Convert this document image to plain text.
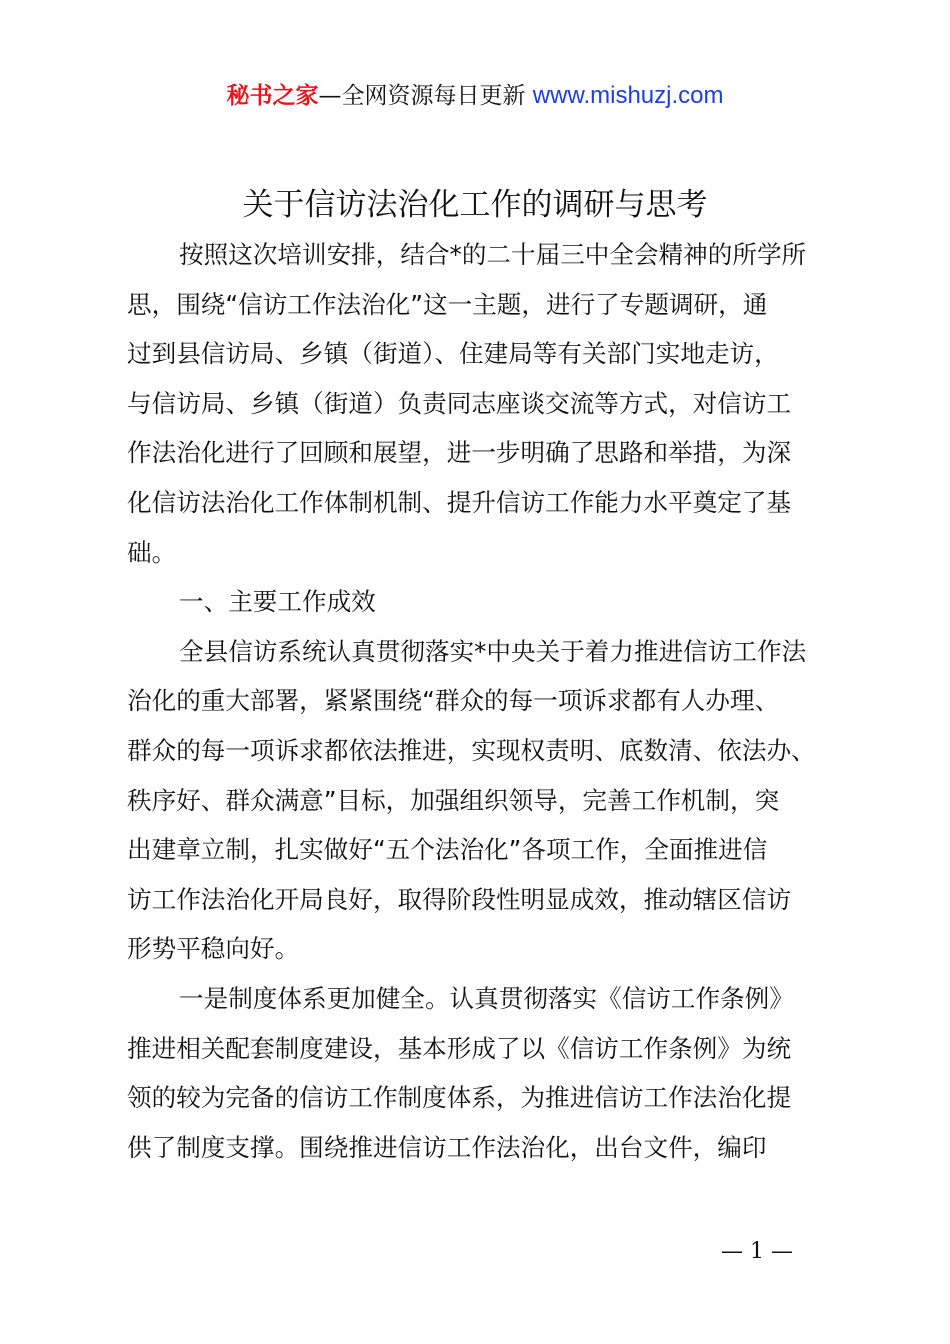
秘书之家—全网资源每日更新 www.mishuzj.com
关于信访法治化工作的调研与思考
按照这次培训安排，结合*的二十届三中全会精神的所学所
思，围绕“信访工作法治化”这一主题，进行了专题调研，通
过到县信访局、乡镇（街道）、住建局等有关部门实地走访，
与信访局、乡镇（街道）负责同志座谈交流等方式，对信访工
作法治化进行了回顾和展望，进一步明确了思路和举措，为深
化信访法治化工作体制机制、提升信访工作能力水平奠定了基
础。
一、主要工作成效
全县信访系统认真贯彻落实*中央关于着力推进信访工作法
治化的重大部署，紧紧围绕“群众的每一项诉求都有人办理、
群众的每一项诉求都依法推进，实现权责明、底数清、依法办、
秩序好、群众满意”目标，加强组织领导，完善工作机制，突
出建章立制，扎实做好“五个法治化”各项工作，全面推进信
访工作法治化开局良好，取得阶段性明显成效，推动辖区信访
形势平稳向好。
一是制度体系更加健全。认真贯彻落实《信访工作条例》
推进相关配套制度建设，基本形成了以《信访工作条例》为统
领的较为完备的信访工作制度体系，为推进信访工作法治化提
供了制度支撑。围绕推进信访工作法治化，出台文件，编印
— 1 —
